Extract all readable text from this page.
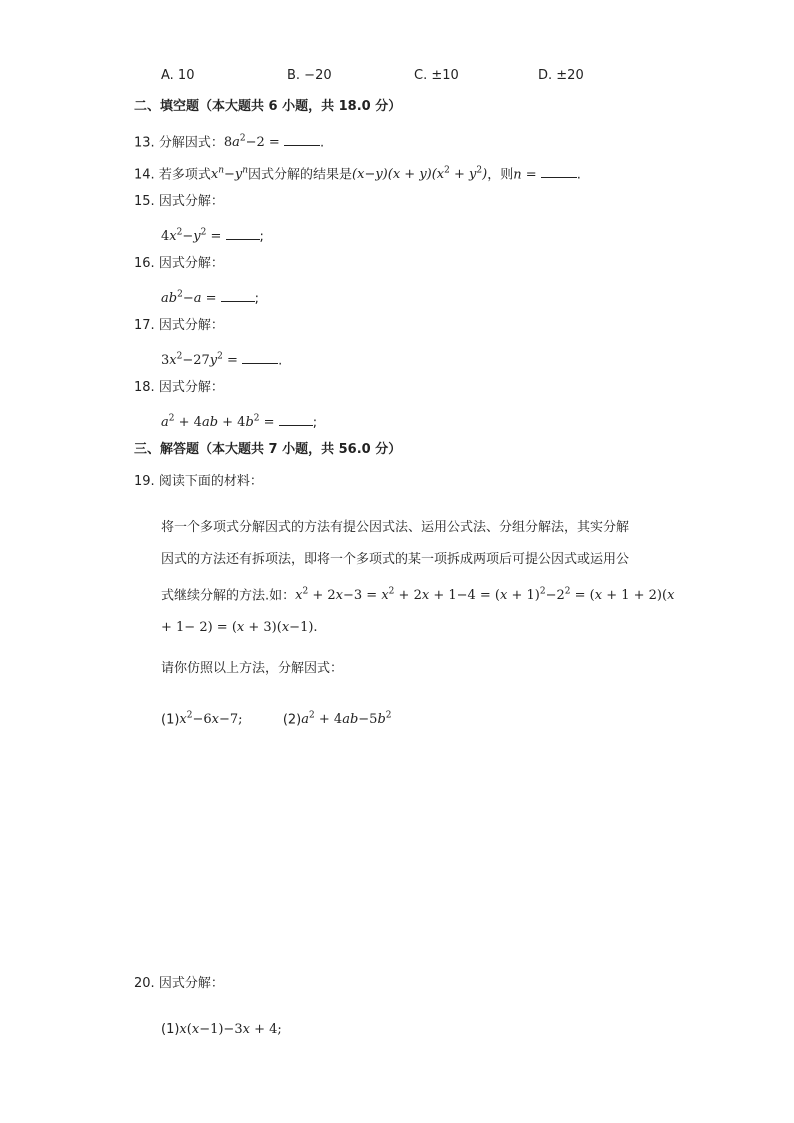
A. 10	B. −20	C. ±10	D. ±20
二、填空题（本大题共 6 小题，共 18.0 分）
13. 分解因式：$8a^2-2$ =	.
14. 若多项式$x^n-y^n$因式分解的结果是$(x-y)(x + y)(x^2 + y^2)$，则n =	.
15. 因式分解：
$4x^2-y^2$ =	;
16. 因式分解：
$ab^2-a$ =	;
17. 因式分解：
$3x^2-27y^2$ =	.
18. 因式分解：
$a^2 + 4ab + 4b^2$ =	;
三、解答题（本大题共 7 小题，共 56.0 分）
19. 阅读下面的材料：
将一个多项式分解因式的方法有提公因式法、运用公式法、分组分解法，其实分解
因式的方法还有拆项法，即将一个多项式的某一项拆成两项后可提公因式或运用公
式继续分解的方法.如：$x^2 + 2x-3 = x^2 + 2x + 1-4 = (x + 1)^2-2^2 = (x + 1 + 2)(x$
+ 1− 2) = (x + 3)(x−1).
请你仿照以上方法，分解因式：
$(1)x^2-6x-7$;	$(2)a^2 + 4ab-5b^2$
20. 因式分解：
(1)x(x−1)−3x + 4;
